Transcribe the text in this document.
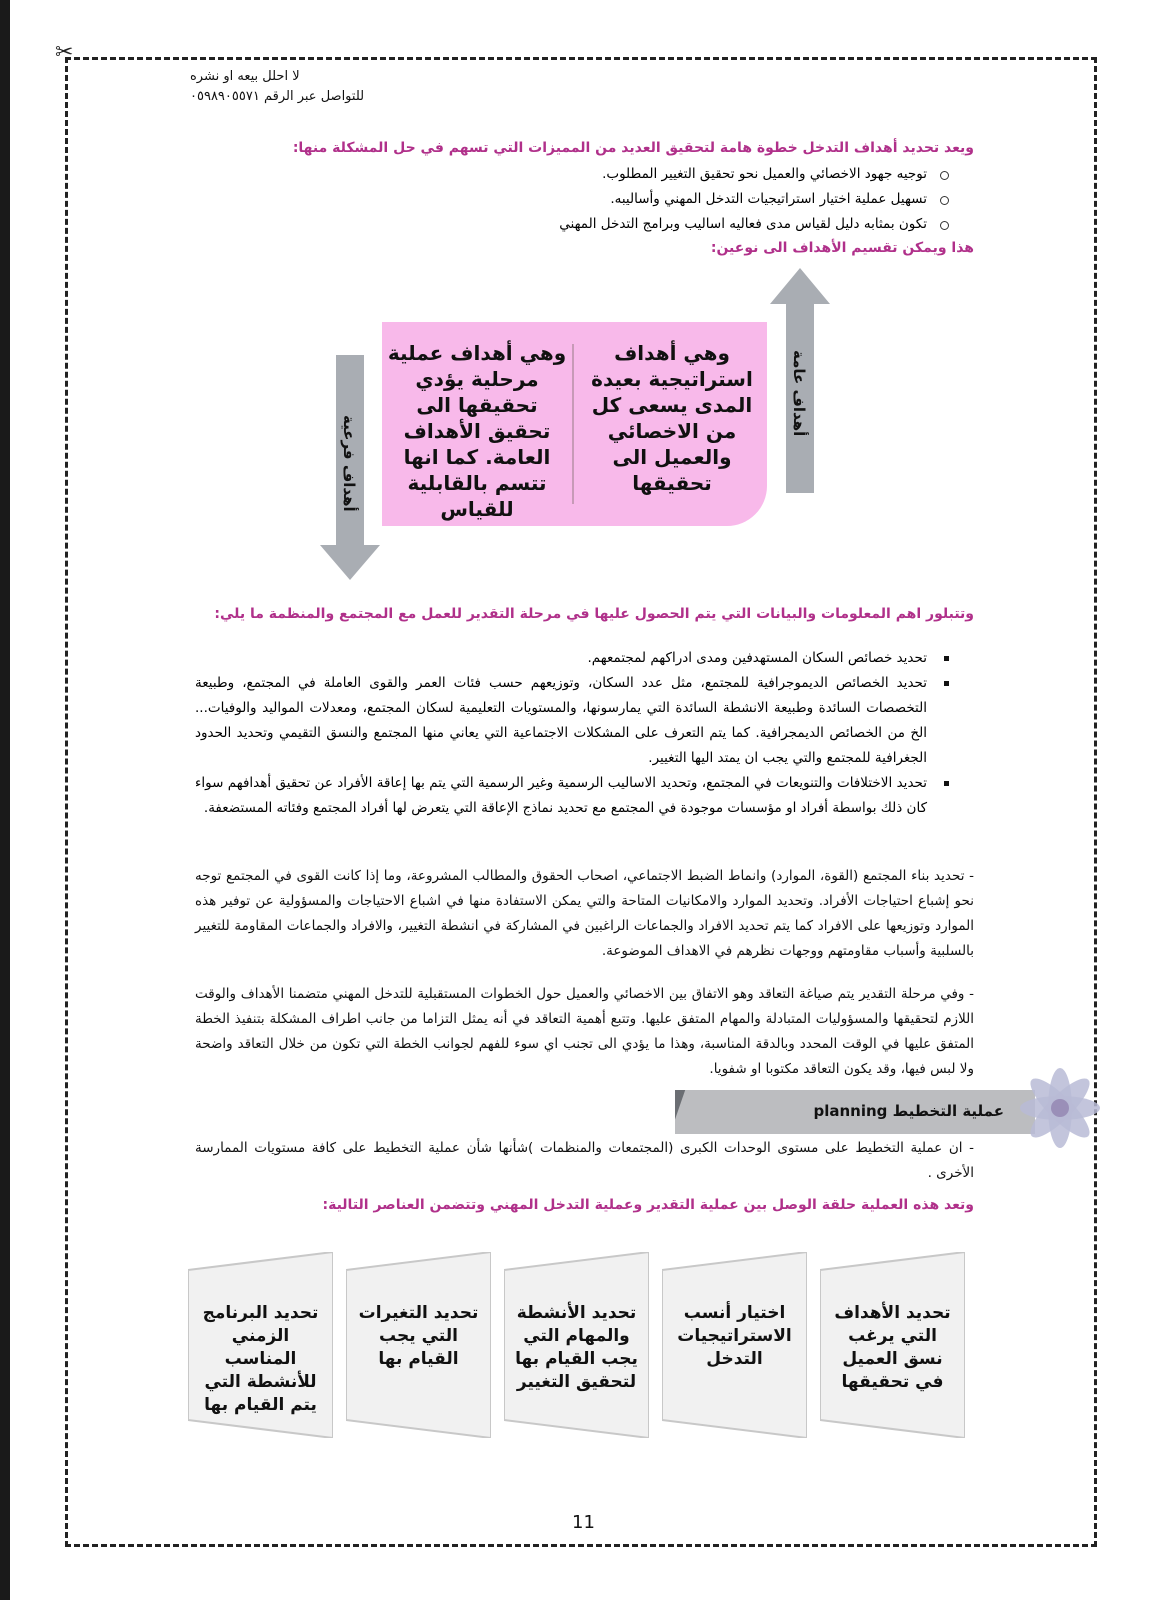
✂
لا احلل بيعه او نشره
للتواصل عبر الرقم ٠٥٩٨٩٠٥٥٧١
ويعد تحديد أهداف التدخل خطوة هامة لتحقيق العديد من المميزات التي تسهم في حل المشكلة منها:
توجيه جهود الاخصائي والعميل نحو تحقيق التغيير المطلوب.
تسهيل عملية اختيار استراتيجيات التدخل المهني وأساليبه.
تكون بمثابه دليل لقياس مدى فعاليه اساليب وبرامج التدخل المهني
هذا ويمكن تقسيم الأهداف الى نوعين:
أهداف عامة
أهداف فرعية
وهي أهداف استراتيجية بعيدة المدى يسعى كل من الاخصائي والعميل الى تحقيقها
وهي أهداف عملية مرحلية يؤدي تحقيقها الى تحقيق الأهداف العامة. كما انها تتسم بالقابلية للقياس
وتتبلور اهم المعلومات والبيانات التي يتم الحصول عليها في مرحلة التقدير للعمل مع المجتمع والمنظمة ما يلي:
تحديد خصائص السكان المستهدفين ومدى ادراكهم لمجتمعهم.
تحديد الخصائص الديموجرافية للمجتمع، مثل عدد السكان، وتوزيعهم حسب فئات العمر والقوى العاملة في المجتمع، وطبيعة التخصصات السائدة وطبيعة الانشطة السائدة التي يمارسونها، والمستويات التعليمية لسكان المجتمع، ومعدلات المواليد والوفيات... الخ من الخصائص الديمجرافية. كما يتم التعرف على المشكلات الاجتماعية التي يعاني منها المجتمع والنسق التقيمي وتحديد الحدود الجغرافية للمجتمع والتي يجب ان يمتد اليها التغيير.
تحديد الاختلافات والتنويعات في المجتمع، وتحديد الاساليب الرسمية وغير الرسمية التي يتم بها إعاقة الأفراد عن تحقيق أهدافهم سواء كان ذلك بواسطة أفراد او مؤسسات موجودة في المجتمع مع تحديد نماذج الإعاقة التي يتعرض لها أفراد المجتمع وفئاته المستضعفة.
- تحديد بناء المجتمع (القوة، الموارد) وانماط الضبط الاجتماعي، اصحاب الحقوق والمطالب المشروعة، وما إذا كانت القوى في المجتمع توجه نحو إشباع احتياجات الأفراد. وتحديد الموارد والامكانيات المتاحة والتي يمكن الاستفادة منها في اشباع الاحتياجات والمسؤولية عن توفير هذه الموارد وتوزيعها على الافراد كما يتم تحديد الافراد والجماعات الراغبين في المشاركة في انشطة التغيير، والافراد والجماعات المقاومة للتغيير بالسلبية وأسباب مقاومتهم ووجهات نظرهم في الاهداف الموضوعة.
- وفي مرحلة التقدير يتم صياغة التعاقد وهو الاتفاق بين الاخصائي والعميل حول الخطوات المستقبلية للتدخل المهني متضمنا الأهداف والوقت اللازم لتحقيقها والمسؤوليات المتبادلة والمهام المتفق عليها. وتتبع أهمية التعاقد في أنه يمثل التزاما من جانب اطراف المشكلة بتنفيذ الخطة المتفق عليها في الوقت المحدد وبالدقة المناسبة، وهذا ما يؤدي الى تجنب اي سوء للفهم لجوانب الخطة التي تكون من خلال التعاقد واضحة ولا لبس فيها، وقد يكون التعاقد مكتوبا او شفويا.
عملية التخطيط planning
- ان عملية التخطيط على مستوى الوحدات الكبرى (المجتمعات والمنظمات )شأنها شأن عملية التخطيط على كافة مستويات الممارسة الأخرى .
وتعد هذه العملية حلقة الوصل بين عملية التقدير وعملية التدخل المهني وتتضمن العناصر التالية:
تحديد الأهداف التي يرغب نسق العميل في تحقيقها
اختيار أنسب الاستراتيجيات التدخل
تحديد الأنشطة والمهام التي يجب القيام بها لتحقيق التغيير
تحديد التغيرات التي يجب القيام بها
تحديد البرنامج الزمني المناسب للأنشطة التي يتم القيام بها
11
